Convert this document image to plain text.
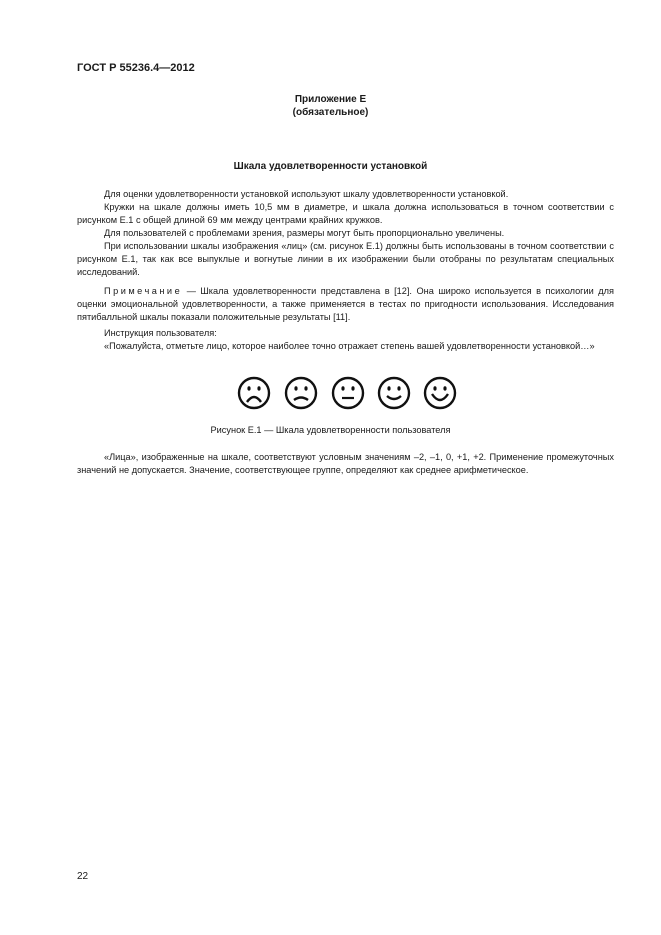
ГОСТ Р 55236.4—2012
Приложение Е
(обязательное)
Шкала удовлетворенности установкой

Для оценки удовлетворенности установкой используют шкалу удовлетворенности установкой.

Кружки на шкале должны иметь 10,5 мм в диаметре, и шкала должна использоваться в точном соответствии с рисунком Е.1 с общей длиной 69 мм между центрами крайних кружков.

Для пользователей с проблемами зрения, размеры могут быть пропорционально увеличены.

При использовании шкалы изображения «лиц» (см. рисунок Е.1) должны быть использованы в точном соответствии с рисунком Е.1, так как все выпуклые и вогнутые линии в их изображении были отобраны по результатам специальных исследований.

Примечание — Шкала удовлетворенности представлена в [12]. Она широко используется в психологии для оценки эмоциональной удовлетворенности, а также применяется в тестах по пригодности использования. Исследования пятибалльной шкалы показали положительные результаты [11].

Инструкция пользователя:

«Пожалуйста, отметьте лицо, которое наиболее точно отражает степень вашей удовлетворенности установкой…»

Рисунок Е.1 — Шкала удовлетворенности пользователя

«Лица», изображенные на шкале, соответствуют условным значениям –2, –1, 0, +1, +2. Применение промежуточных значений не допускается. Значение, соответствующее группе, определяют как среднее арифметическое.

22
